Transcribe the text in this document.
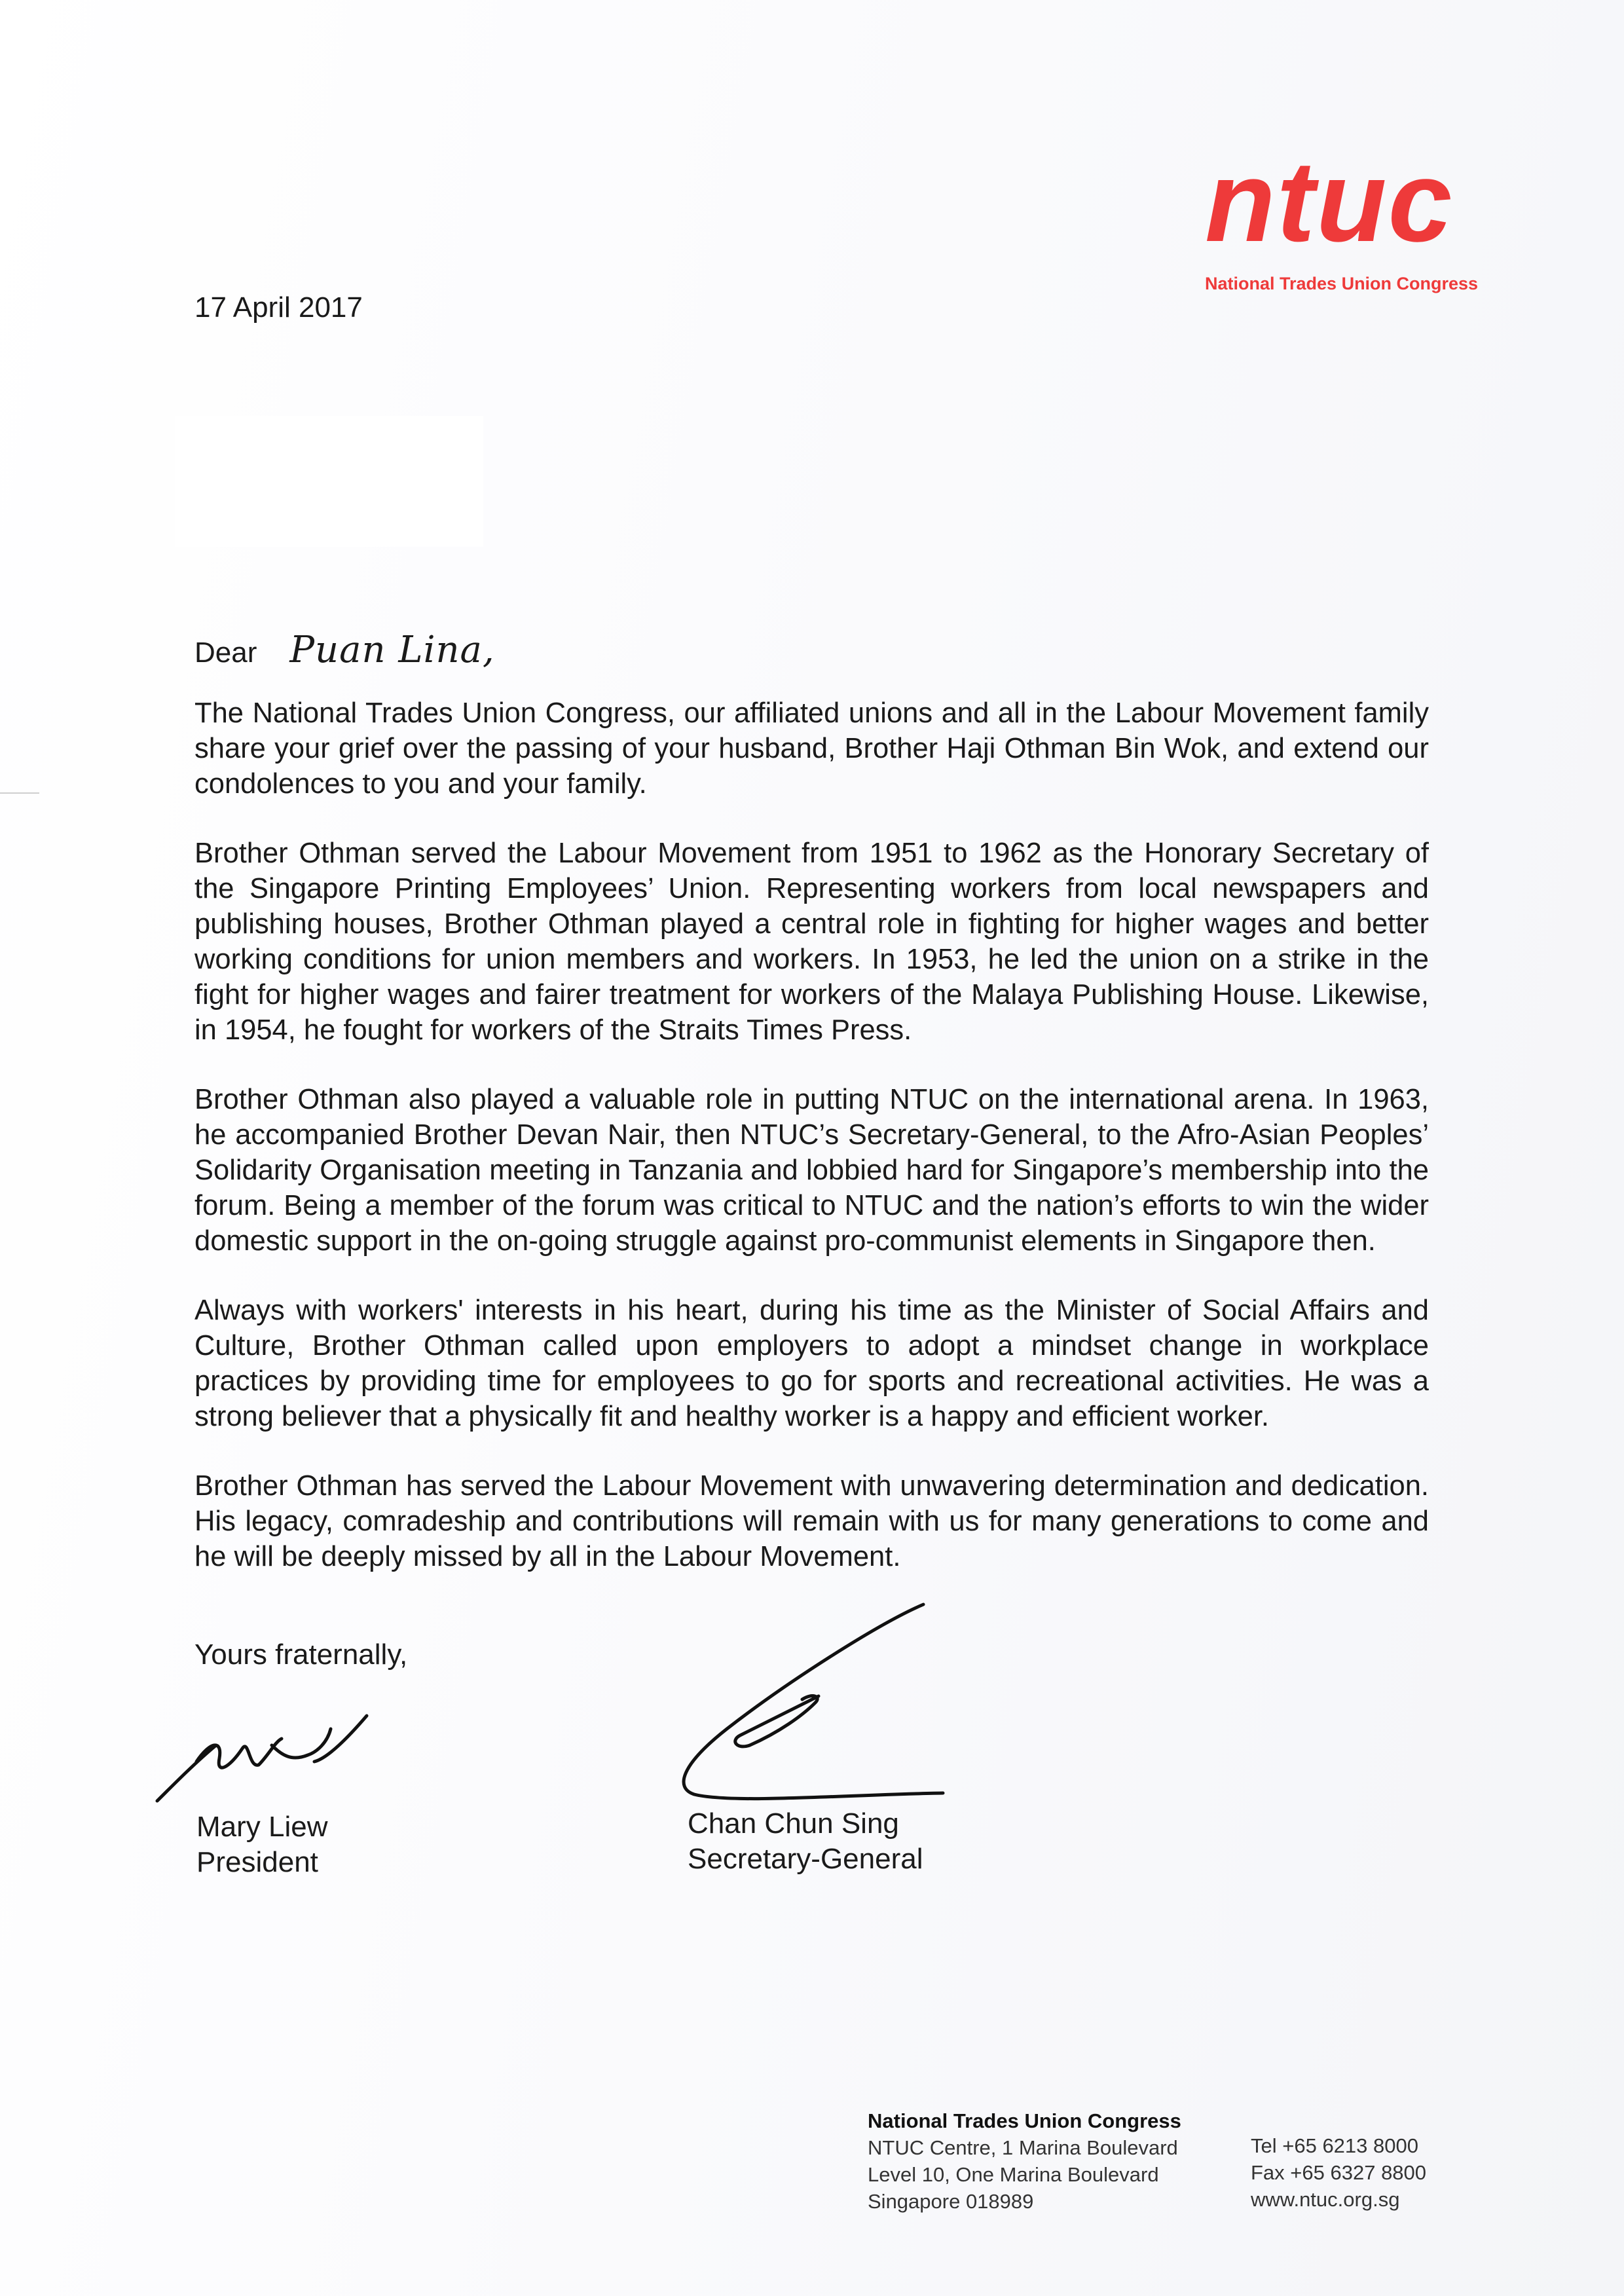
ntuc
National Trades Union Congress
17 April 2017
Dear Puan Lina,

The National Trades Union Congress, our affiliated unions and all in the Labour Movement family share your grief over the passing of your husband, Brother Haji Othman Bin Wok, and extend our condolences to you and your family.

Brother Othman served the Labour Movement from 1951 to 1962 as the Honorary Secretary of the Singapore Printing Employees’ Union. Representing workers from local newspapers and publishing houses, Brother Othman played a central role in fighting for higher wages and better working conditions for union members and workers. In 1953, he led the union on a strike in the fight for higher wages and fairer treatment for workers of the Malaya Publishing House. Likewise, in 1954, he fought for workers of the Straits Times Press.

Brother Othman also played a valuable role in putting NTUC on the international arena. In 1963, he accompanied Brother Devan Nair, then NTUC’s Secretary-General, to the Afro-Asian Peoples’ Solidarity Organisation meeting in Tanzania and lobbied hard for Singapore’s membership into the forum. Being a member of the forum was critical to NTUC and the nation’s efforts to win the wider domestic support in the on-going struggle against pro-communist elements in Singapore then.

Always with workers' interests in his heart, during his time as the Minister of Social Affairs and Culture, Brother Othman called upon employers to adopt a mindset change in workplace practices by providing time for employees to go for sports and recreational activities. He was a strong believer that a physically fit and healthy worker is a happy and efficient worker.

Brother Othman has served the Labour Movement with unwavering determination and dedication. His legacy, comradeship and contributions will remain with us for many generations to come and he will be deeply missed by all in the Labour Movement.

Yours fraternally,
Mary Liew
President
Chan Chun Sing
Secretary-General
National Trades Union Congress
NTUC Centre, 1 Marina Boulevard
Level 10, One Marina Boulevard
Singapore 018989
Tel +65 6213 8000
Fax +65 6327 8800
www.ntuc.org.sg
